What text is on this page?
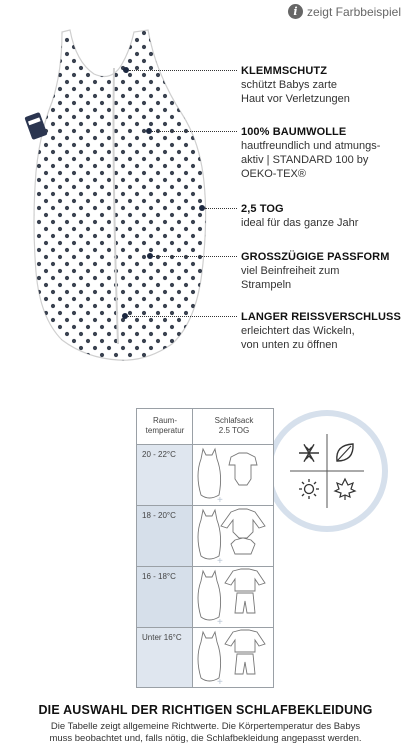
i zeigt Farbbeispiel
KLEMMSCHUTZ
schützt Babys zarte
Haut vor Verletzungen
100% BAUMWOLLE
hautfreundlich und atmungs-
aktiv | STANDARD 100 by
OEKO-TEX®
2,5 TOG
ideal für das ganze Jahr
GROSSZÜGIGE PASSFORM
viel Beinfreiheit zum
Strampeln
LANGER REISSVERSCHLUSS
erleichtert das Wickeln,
von unten zu öffnen
Raum-
temperatur
Schlafsack
2.5 TOG
20 - 22°C
18 - 20°C
16 - 18°C
Unter 16°C
+
+
+
+
DIE AUSWAHL DER RICHTIGEN SCHLAFBEKLEIDUNG
Die Tabelle zeigt allgemeine Richtwerte. Die Körpertemperatur des Babys
muss beobachtet und, falls nötig, die Schlafbekleidung angepasst werden.
